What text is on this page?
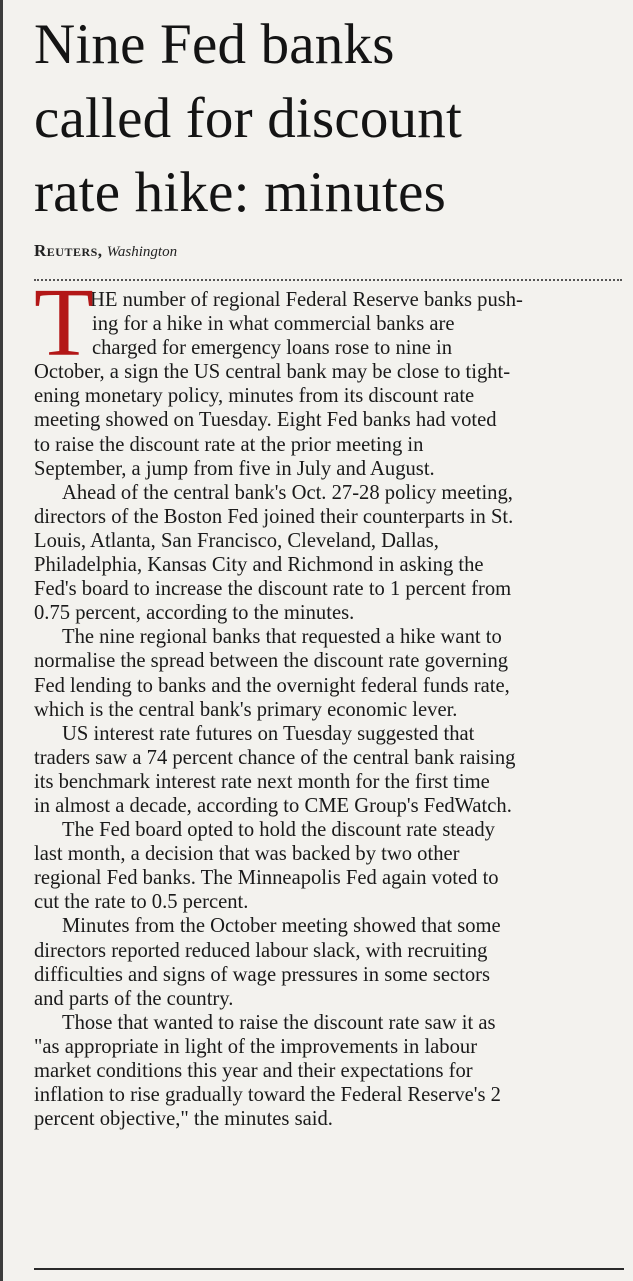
Nine Fed banks
called for discount
rate hike: minutes
Reuters, Washington
T

HE number of regional Federal Reserve banks push-
ing for a hike in what commercial banks are
charged for emergency loans rose to nine in
October, a sign the US central bank may be close to tight-
ening monetary policy, minutes from its discount rate
meeting showed on Tuesday. Eight Fed banks had voted
to raise the discount rate at the prior meeting in
September, a jump from five in July and August.

Ahead of the central bank's Oct. 27-28 policy meeting,
directors of the Boston Fed joined their counterparts in St.
Louis, Atlanta, San Francisco, Cleveland, Dallas,
Philadelphia, Kansas City and Richmond in asking the
Fed's board to increase the discount rate to 1 percent from
0.75 percent, according to the minutes.

The nine regional banks that requested a hike want to
normalise the spread between the discount rate governing
Fed lending to banks and the overnight federal funds rate,
which is the central bank's primary economic lever.

US interest rate futures on Tuesday suggested that
traders saw a 74 percent chance of the central bank raising
its benchmark interest rate next month for the first time
in almost a decade, according to CME Group's FedWatch.

The Fed board opted to hold the discount rate steady
last month, a decision that was backed by two other
regional Fed banks. The Minneapolis Fed again voted to
cut the rate to 0.5 percent.

Minutes from the October meeting showed that some
directors reported reduced labour slack, with recruiting
difficulties and signs of wage pressures in some sectors
and parts of the country.

Those that wanted to raise the discount rate saw it as
"as appropriate in light of the improvements in labour
market conditions this year and their expectations for
inflation to rise gradually toward the Federal Reserve's 2
percent objective," the minutes said.
